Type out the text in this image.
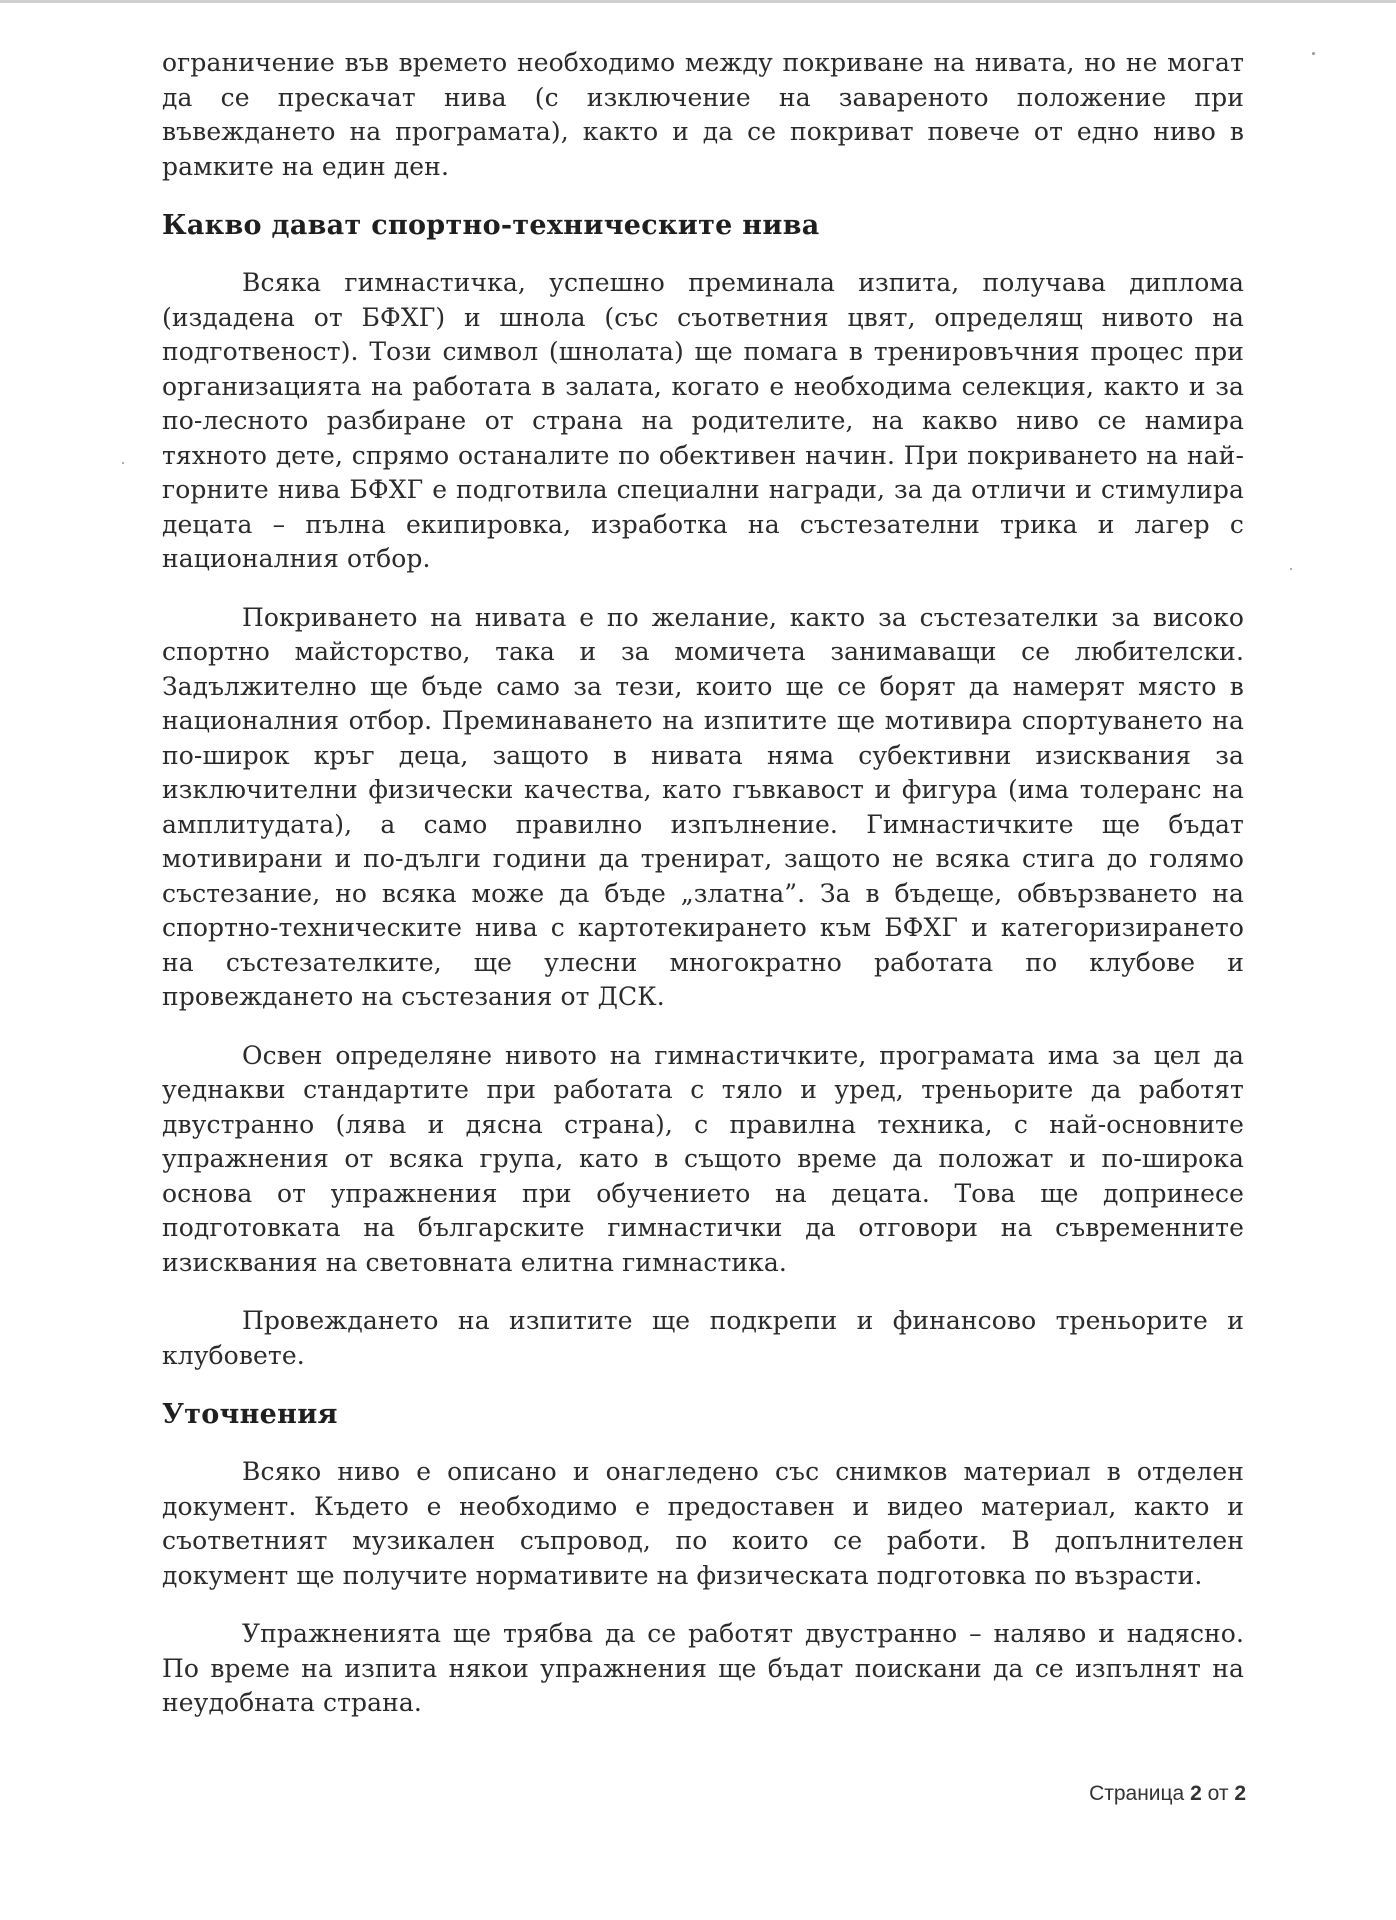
ограничение във времето необходимо между покриване на нивата, но не могат да се прескачат нива (с изключение на завареното положение при въвеждането на програмата), както и да се покриват повече от едно ниво в рамките на един ден.

Какво дават спортно-техническите нива

Всяка гимнастичка, успешно преминала изпита, получава диплома (издадена от БФХГ) и шнола (със съответния цвят, определящ нивото на подготвеност). Този символ (шнолата) ще помага в тренировъчния процес при организацията на работата в залата, когато е необходима селекция, както и за по-лесното разбиране от страна на родителите, на какво ниво се намира тяхното дете, спрямо останалите по обективен начин. При покриването на най-горните нива БФХГ е подготвила специални награди, за да отличи и стимулира децата – пълна екипировка, изработка на състезателни трика и лагер с националния отбор.

Покриването на нивата е по желание, както за състезателки за високо спортно майсторство, така и за момичета занимаващи се любителски. Задължително ще бъде само за тези, които ще се борят да намерят място в националния отбор. Преминаването на изпитите ще мотивира спортуването на по-широк кръг деца, защото в нивата няма субективни изисквания за изключителни физически качества, като гъвкавост и фигура (има толеранс на амплитудата), а само правилно изпълнение. Гимнастичките ще бъдат мотивирани и по-дълги години да тренират, защото не всяка стига до голямо състезание, но всяка може да бъде „златна”. За в бъдеще, обвързването на спортно-техническите нива с картотекирането към БФХГ и категоризирането на състезателките, ще улесни многократно работата по клубове и провеждането на състезания от ДСК.

Освен определяне нивото на гимнастичките, програмата има за цел да уеднакви стандартите при работата с тяло и уред, треньорите да работят двустранно (лява и дясна страна), с правилна техника, с най-основните упражнения от всяка група, като в същото време да положат и по-широка основа от упражнения при обучението на децата. Това ще допринесе подготовката на българските гимнастички да отговори на съвременните изисквания на световната елитна гимнастика.

Провеждането на изпитите ще подкрепи и финансово треньорите и клубовете.

Уточнения

Всяко ниво е описано и онагледено със снимков материал в отделен документ. Където е необходимо е предоставен и видео материал, както и съответният музикален съпровод, по които се работи. В допълнителен документ ще получите нормативите на физическата подготовка по възрасти.

Упражненията ще трябва да се работят двустранно – наляво и надясно. По време на изпита някои упражнения ще бъдат поискани да се изпълнят на неудобната страна.

Страница 2 от 2
